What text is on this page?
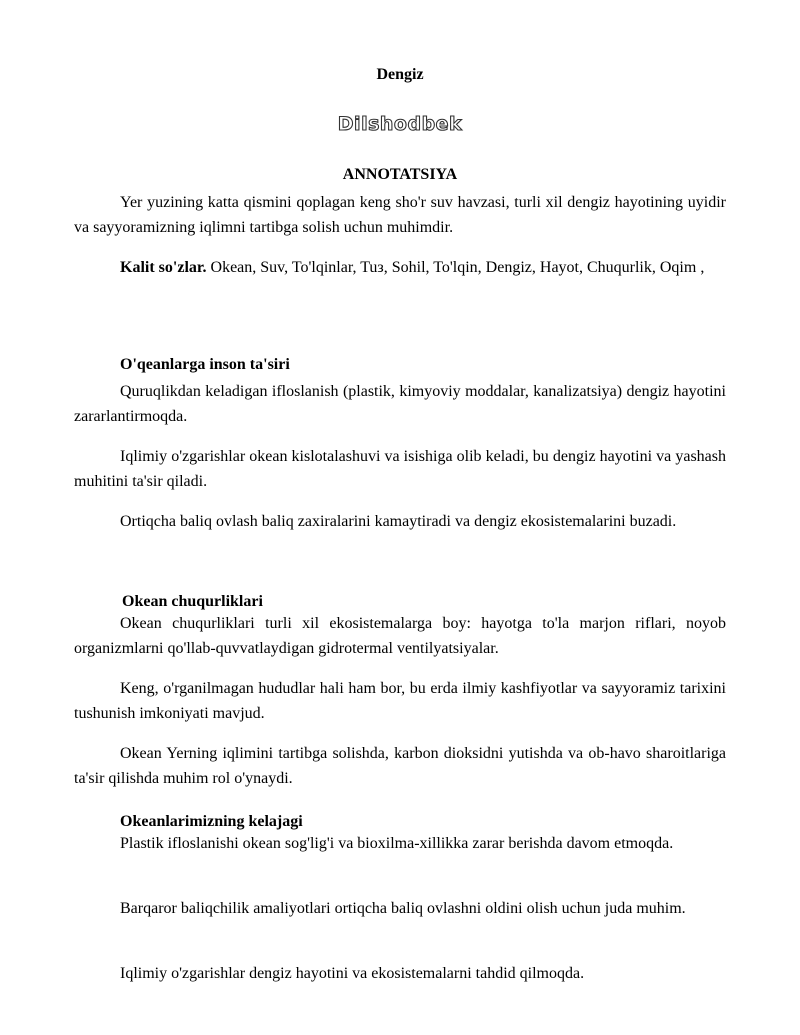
Dengiz
Dilshodbek
ANNOTATSIYA
Yer yuzining katta qismini qoplagan keng sho'r suv havzasi, turli xil dengiz hayotining uyidir va sayyoramizning iqlimni tartibga solish uchun muhimdir.
Kalit so'zlar. Okean, Suv, To'lqinlar, Tuз, Sohil, To'lqin, Dengiz, Hayot, Chuqurlik, Oqim ,
O'qeanlarga inson ta'siri
Quruqlikdan keladigan ifloslanish (plastik, kimyoviy moddalar, kanalizatsiya) dengiz hayotini zararlantirmoqda.
Iqlimiy o'zgarishlar okean kislotalashuvi va isishiga olib keladi, bu dengiz hayotini va yashash muhitini ta'sir qiladi.
Ortiqcha baliq ovlash baliq zaxiralarini kamaytiradi va dengiz ekosistemalarini buzadi.
Okean chuqurliklari
Okean chuqurliklari turli xil ekosistemalarga boy: hayotga to'la marjon riflari, noyob organizmlarni qo'llab-quvvatlaydigan gidrotermal ventilyatsiyalar.
Keng, o'rganilmagan hududlar hali ham bor, bu erda ilmiy kashfiyotlar va sayyoramiz tarixini tushunish imkoniyati mavjud.
Okean Yerning iqlimini tartibga solishda, karbon dioksidni yutishda va ob-havo sharoitlariga ta'sir qilishda muhim rol o'ynaydi.
Okeanlarimizning kelajagi
Plastik ifloslanishi okean sog'lig'i va bioxilma-xillikka zarar berishda davom etmoqda.
Barqaror baliqchilik amaliyotlari ortiqcha baliq ovlashni oldini olish uchun juda muhim.
Iqlimiy o'zgarishlar dengiz hayotini va ekosistemalarni tahdid qilmoqda.
